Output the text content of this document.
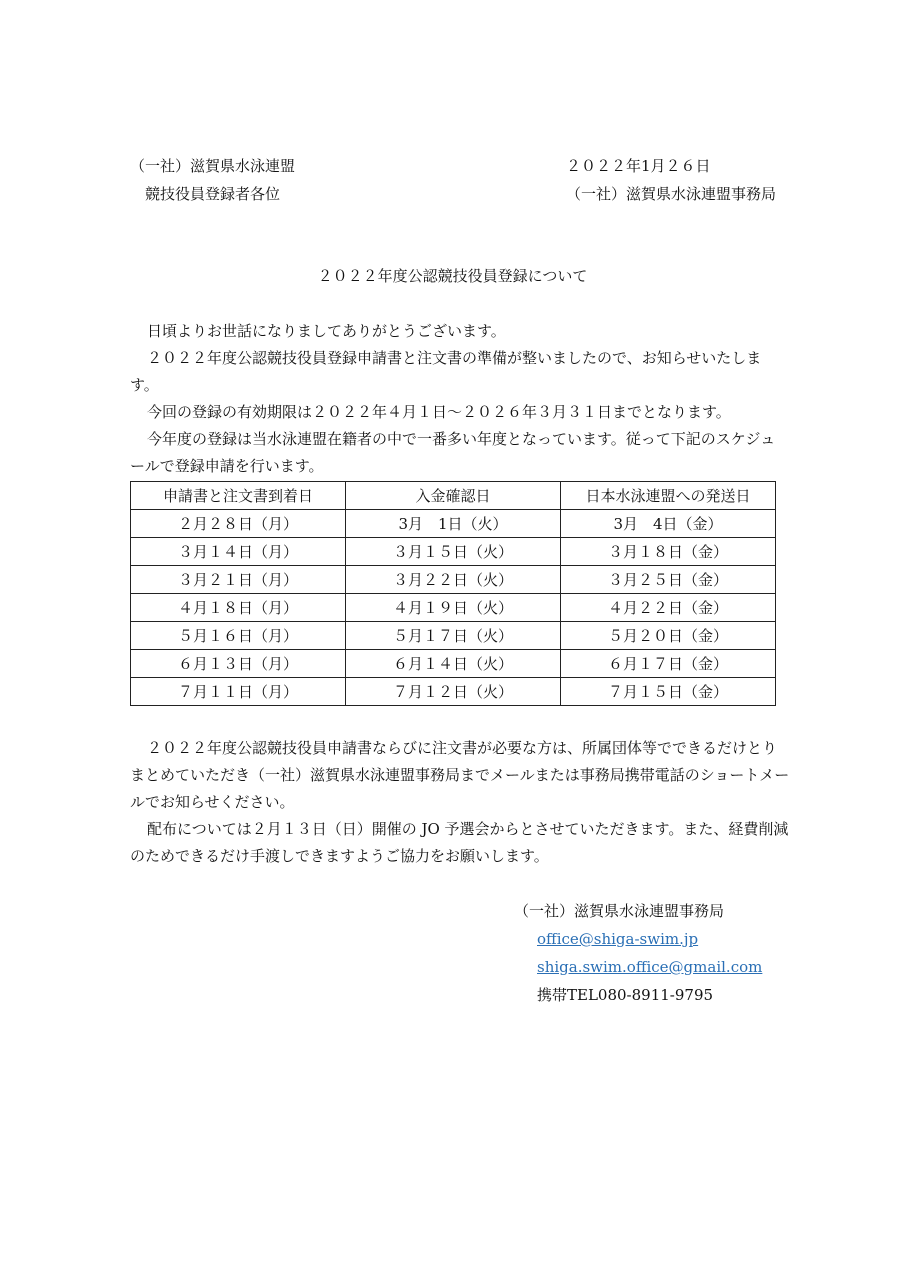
（一社）滋賀県水泳連盟
競技役員登録者各位
２０２２年1月２６日
（一社）滋賀県水泳連盟事務局
２０２２年度公認競技役員登録について
日頃よりお世話になりましてありがとうございます。
２０２２年度公認競技役員登録申請書と注文書の準備が整いましたので、お知らせいたします。
今回の登録の有効期限は２０２２年４月１日～２０２６年３月３１日までとなります。
今年度の登録は当水泳連盟在籍者の中で一番多い年度となっています。従って下記のスケジュールで登録申請を行います。
申請書と注文書到着日	入金確認日	日本水泳連盟への発送日
２月２８日（月）	3月　1日（火）	3月　4日（金）
３月１４日（月）	３月１５日（火）	３月１８日（金）
３月２１日（月）	３月２２日（火）	３月２５日（金）
４月１８日（月）	４月１９日（火）	４月２２日（金）
５月１６日（月）	５月１７日（火）	５月２０日（金）
６月１３日（月）	６月１４日（火）	６月１７日（金）
７月１１日（月）	７月１２日（火）	７月１５日（金）
２０２２年度公認競技役員申請書ならびに注文書が必要な方は、所属団体等でできるだけとりまとめていただき（一社）滋賀県水泳連盟事務局までメールまたは事務局携帯電話のショートメールでお知らせください。
配布については２月１３日（日）開催の JO 予選会からとさせていただきます。また、経費削減のためできるだけ手渡しできますようご協力をお願いします。
（一社）滋賀県水泳連盟事務局
office@shiga-swim.jp
shiga.swim.office@gmail.com
携帯TEL080-8911-9795
